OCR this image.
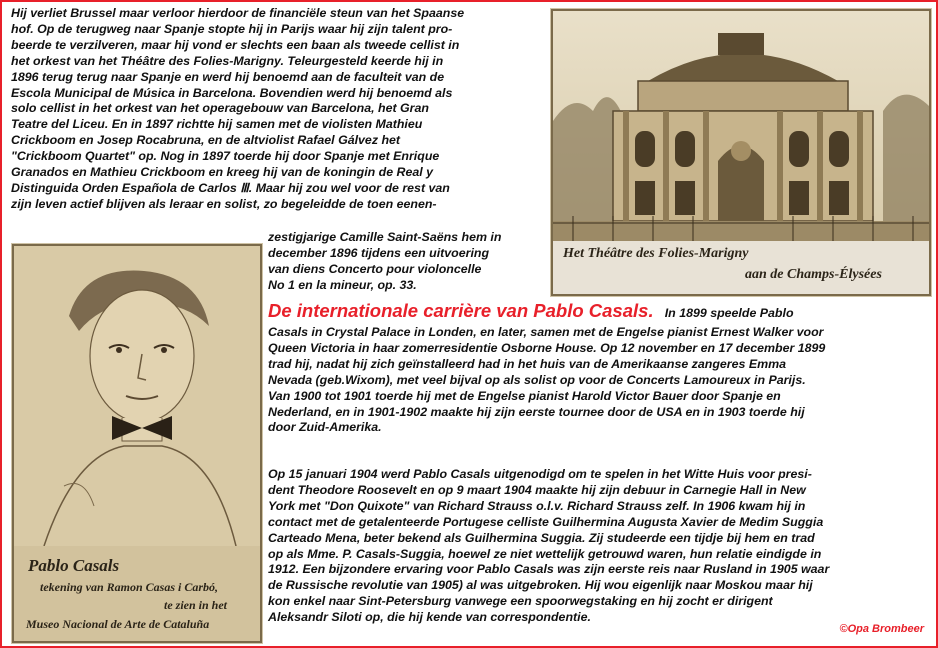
Hij verliet Brussel maar verloor hierdoor de financiële steun van het Spaanse

hof. Op de terugweg naar Spanje stopte hij in Parijs waar hij zijn talent pro-

beerde te verzilveren, maar hij vond er slechts een baan als tweede cellist in

het orkest van het Théâtre des Folies-Marigny. Teleurgesteld keerde hij in

1896 terug terug naar Spanje en werd hij benoemd aan de faculteit van de

Escola Municipal de Música in Barcelona. Bovendien werd hij benoemd als

solo cellist in het orkest van het operagebouw van Barcelona, het Gran

Teatre del Liceu. En in 1897 richtte hij samen met de violisten Mathieu

Crickboom en Josep Rocabruna, en de altviolist Rafael Gálvez het

"Crickboom Quartet" op. Nog in 1897 toerde hij door Spanje met Enrique

Granados en Mathieu Crickboom en kreeg hij van de koningin de Real y

Distinguida Orden Española de Carlos Ⅲ. Maar hij zou wel voor de rest van

zijn leven actief blijven als leraar en solist, zo begeleidde de toen eenen-

zestigjarige Camille Saint-Saëns hem in

december 1896 tijdens een uitvoering

van diens Concerto pour violoncelle

No 1 en la mineur, op. 33.

Het Théâtre des Folies-Marigny
aan de Champs-Élysées
Pablo Casals
tekening van Ramon Casas i Carbó,
te zien in het
Museo Nacional de Arte de Cataluña
De internationale carrière van Pablo Casals. In 1899 speelde Pablo

Casals in Crystal Palace in Londen, en later, samen met de Engelse pianist Ernest Walker voor

Queen Victoria in haar zomerresidentie Osborne House. Op 12 november en 17 december 1899

trad hij, nadat hij zich geïnstalleerd had in het huis van de Amerikaanse zangeres Emma

Nevada (geb.Wixom), met veel bijval op als solist op voor de Concerts Lamoureux in Parijs.

Van 1900 tot 1901 toerde hij met de Engelse pianist Harold Victor Bauer door Spanje en

Nederland, en in 1901-1902 maakte hij zijn eerste tournee door de USA en in 1903 toerde hij

door Zuid-Amerika.

Op 15 januari 1904 werd Pablo Casals uitgenodigd om te spelen in het Witte Huis voor presi-

dent Theodore Roosevelt en op 9 maart 1904 maakte hij zijn debuur in Carnegie Hall in New

York met "Don Quixote" van Richard Strauss o.l.v. Richard Strauss zelf. In 1906 kwam hij in

contact met de getalenteerde Portugese celliste Guilhermina Augusta Xavier de Medim Suggia

Carteado Mena, beter bekend als Guilhermina Suggia. Zij studeerde een tijdje bij hem en trad

op als Mme. P. Casals-Suggia, hoewel ze niet wettelijk getrouwd waren, hun relatie eindigde in

1912. Een bijzondere ervaring voor Pablo Casals was zijn eerste reis naar Rusland in 1905 waar

de Russische revolutie van 1905) al was uitgebroken. Hij wou eigenlijk naar Moskou maar hij

kon enkel naar Sint-Petersburg vanwege een spoorwegstaking en hij zocht er dirigent

Aleksandr Siloti op, die hij kende van correspondentie.

©Opa Brombeer
